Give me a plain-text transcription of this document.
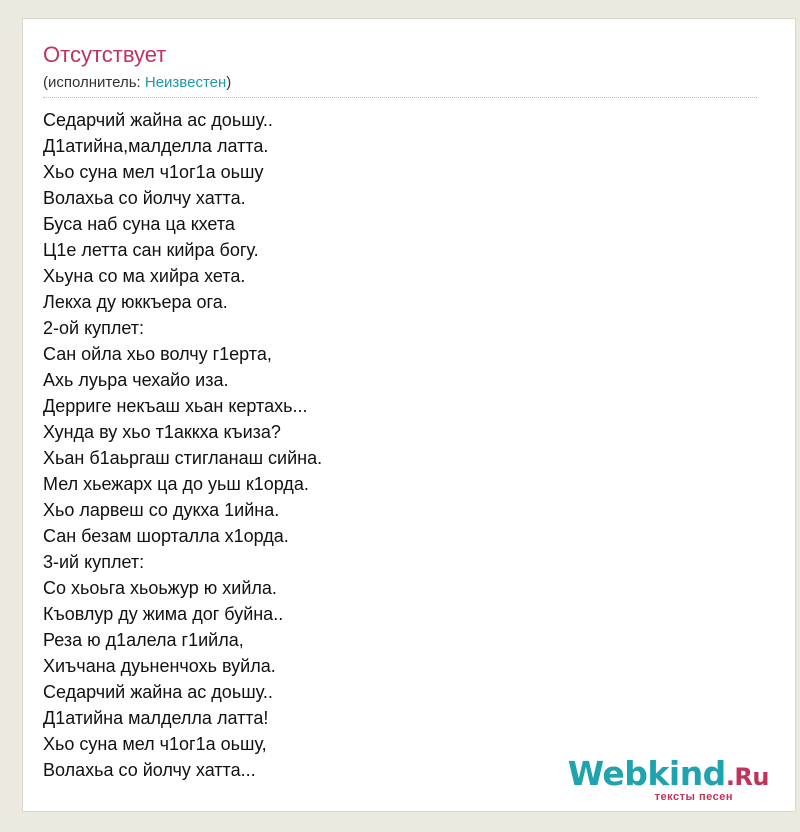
Отсутствует
(исполнитель: Неизвестен)
Седарчий жайна ас доьшу..
Д1атийна,малделла латта.
Хьо суна мел ч1ог1а оьшу
Волахьа со йолчу хатта.
Буса наб суна ца кхета
Ц1е летта сан кийра богу.
Хьуна со ма хийра хета.
Лекха ду юккъера ога.
2-ой куплет:
Сан ойла хьо волчу г1ерта,
Ахь луьра чехайо иза.
Дерриге некъаш хьан кертахь...
Хунда ву хьо т1аккха къиза?
Хьан б1аьргаш стигланаш сийна.
Мел хьежарх ца до уьш к1орда.
Хьо ларвеш со дукха 1ийна.
Сан безам шорталла х1орда.
3-ий куплет:
Со хьоьга хьоьжур ю хийла.
Къовлур ду жима дог буйна..
Реза ю д1алела г1ийла,
Хиъчана дуьненчохь вуйла.
Седарчий жайна ас доьшу..
Д1атийна малделла латта!
Хьо суна мел ч1ог1а оьшу,
Волахьа со йолчу хатта...	Webkind.Ru
тексты песен
